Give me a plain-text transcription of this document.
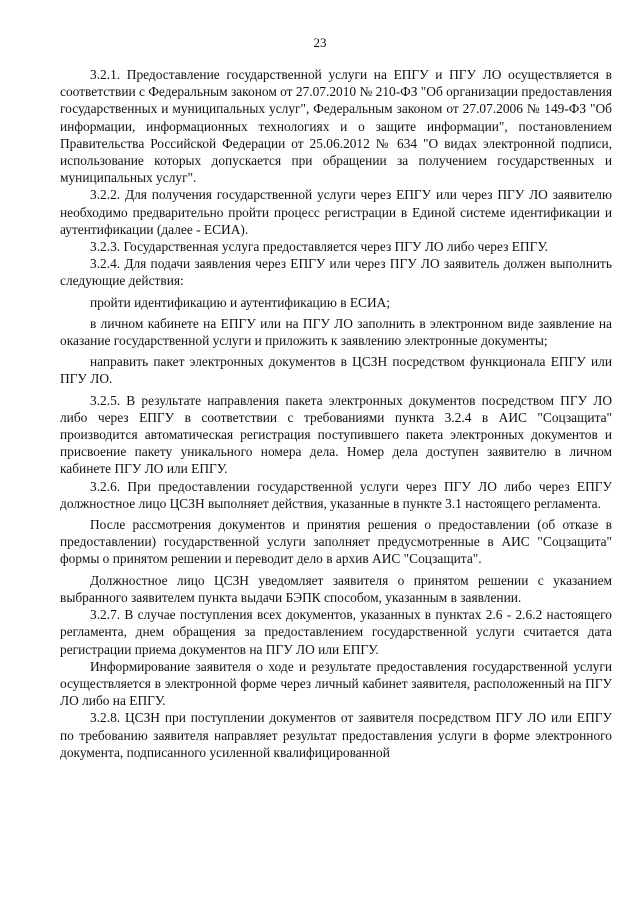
23

3.2.1. Предоставление государственной услуги на ЕПГУ и ПГУ ЛО осуществляется в соответствии с Федеральным законом от 27.07.2010 № 210-ФЗ "Об организации предоставления государственных и муниципальных услуг", Федеральным законом от 27.07.2006 № 149-ФЗ "Об информации, информационных технологиях и о защите информации", постановлением Правительства Российской Федерации от 25.06.2012 № 634 "О видах электронной подписи, использование которых допускается при обращении за получением государственных и муниципальных услуг".

3.2.2. Для получения государственной услуги через ЕПГУ или через ПГУ ЛО заявителю необходимо предварительно пройти процесс регистрации в Единой системе идентификации и аутентификации (далее - ЕСИА).

3.2.3. Государственная услуга предоставляется через ПГУ ЛО либо через ЕПГУ.

3.2.4. Для подачи заявления через ЕПГУ или через ПГУ ЛО заявитель должен выполнить следующие действия:

пройти идентификацию и аутентификацию в ЕСИА;

в личном кабинете на ЕПГУ или на ПГУ ЛО заполнить в электронном виде заявление на оказание государственной услуги и приложить к заявлению электронные документы;

направить пакет электронных документов в ЦСЗН посредством функционала ЕПГУ или ПГУ ЛО.

3.2.5. В результате направления пакета электронных документов посредством ПГУ ЛО либо через ЕПГУ в соответствии с требованиями пункта 3.2.4 в АИС "Соцзащита" производится автоматическая регистрация поступившего пакета электронных документов и присвоение пакету уникального номера дела. Номер дела доступен заявителю в личном кабинете ПГУ ЛО или ЕПГУ.

3.2.6. При предоставлении государственной услуги через ПГУ ЛО либо через ЕПГУ должностное лицо ЦСЗН выполняет действия, указанные в пункте 3.1 настоящего регламента.

После рассмотрения документов и принятия решения о предоставлении (об отказе в предоставлении) государственной услуги заполняет предусмотренные в АИС "Соцзащита" формы о принятом решении и переводит дело в архив АИС "Соцзащита".

Должностное лицо ЦСЗН уведомляет заявителя о принятом решении с указанием выбранного заявителем пункта выдачи БЭПК способом, указанным в заявлении.

3.2.7. В случае поступления всех документов, указанных в пунктах 2.6 - 2.6.2 настоящего регламента, днем обращения за предоставлением государственной услуги считается дата регистрации приема документов на ПГУ ЛО или ЕПГУ.

Информирование заявителя о ходе и результате предоставления государственной услуги осуществляется в электронной форме через личный кабинет заявителя, расположенный на ПГУ ЛО либо на ЕПГУ.

3.2.8. ЦСЗН при поступлении документов от заявителя посредством ПГУ ЛО или ЕПГУ по требованию заявителя направляет результат предоставления услуги в форме электронного документа, подписанного усиленной квалифицированной
